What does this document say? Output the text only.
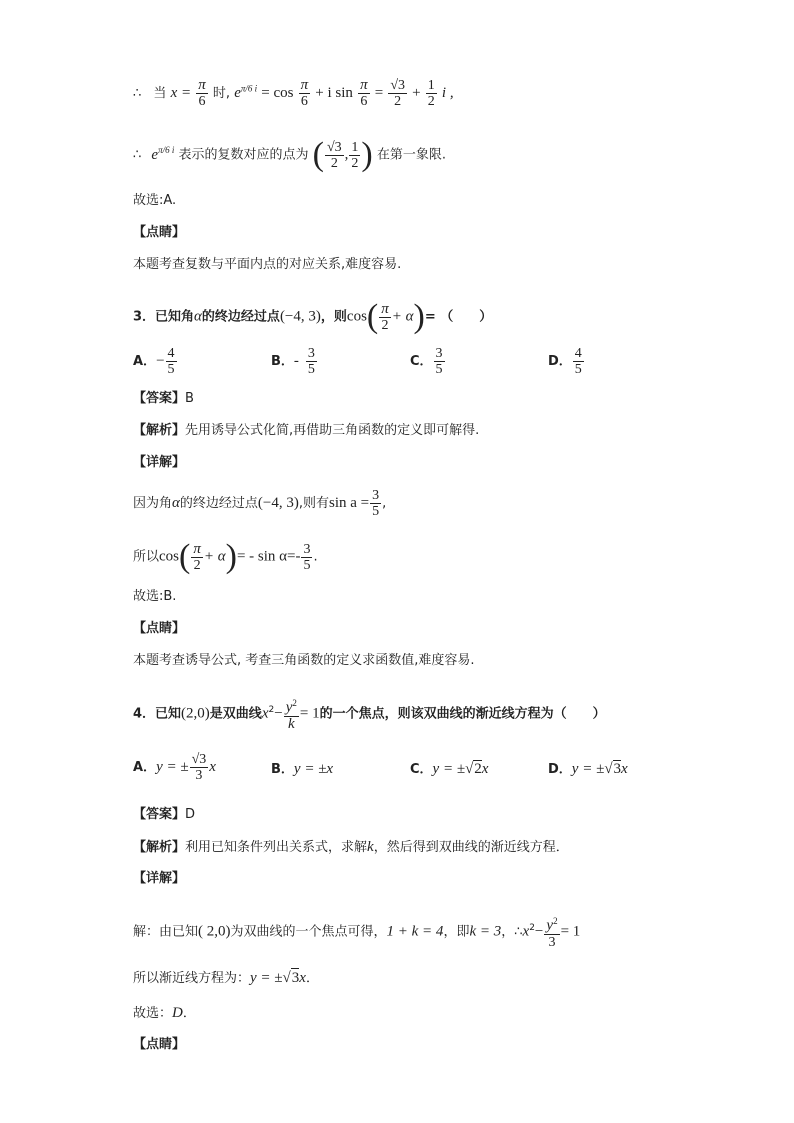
∴ 当 $x = \frac{\pi}{6}$ 时, $e^{\pi/6 i} = \cos \frac{\pi}{6} + i$ $\sin \frac{\pi}{6} = \frac{√3}{2} + \frac{1}{2}$ i ,
∴ $e^{\pi/6 i}$ 表示的复数对应的点为 ( $\frac{√3}{2}$ , $\frac{1}{2}$ ) 在第一象限.
故选:A.
【点睛】
本题考查复数与平面内点的对应关系,难度容易.
3．已知角α的终边经过点(−4, 3)，则$\cos( \frac{\pi}{2} + \alpha)=$ （　　）
A．− $\frac{4}{5}$	B．- $\frac{3}{5}$	C． $\frac{3}{5}$	D． $\frac{4}{5}$
【答案】B
【解析】先用诱导公式化简,再借助三角函数的定义即可解得.
【详解】
因为角α的终边经过点(−4, 3),则有$\sin a = \frac{3}{5}$ ,
所以$\cos( \frac{\pi}{2} + \alpha)= - \sin \alpha=- \frac{3}{5}$ .
故选:B.
【点睛】
本题考查诱导公式, 考查三角函数的定义求函数值,难度容易.
4．已知(2,0)是双曲线$x^2- \frac{y^2}{k} = 1$的一个焦点，则该双曲线的渐近线方程为（　　）
A．y = ± $\frac{√3}{3}$ x	B．y = ±x	C．y = ±√2x	D．y = ±√3x
【答案】D
【解析】利用已知条件列出关系式，求解k，然后得到双曲线的渐近线方程．
【详解】
解：由已知( 2,0)为双曲线的一个焦点可得，1 + k = 4，即k = 3，$\therefore x^2- \frac{y^2}{3} = 1$
所以渐近线方程为：y = ±√3x．
故选：D．
【点睛】
